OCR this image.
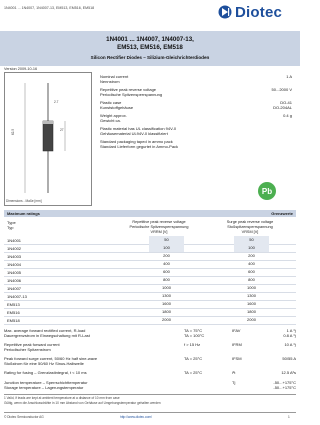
1N4001 ... 1N4007, 1N4007-13, EM513, EM516, EM518	Diotec
1N4001 ... 1N4007, 1N4007-13,
EM513, EM516, EM518
Silicon Rectifier Diodes – Silizium-Gleichrichterdioden
Version 2009-10-16
62.5	27
2.7
Dimensions - Maße [mm]
Nominal current	1 A
Nennstrom
Repetitive peak reverse voltage	50...2000 V
Periodische Spitzensperrspannung
Plastic case	DO-41
Kunststoffgehäuse	DO-204AL
Weight approx.	0.4 g
Gewicht ca.
Plastic material has UL classification 94V-0
Gehäusematerial UL94V-0 klassifiziert
Standard packaging taped in ammo pack
Standard Lieferform gegurtet in Ammo-Pack
Pb
Maximum ratings	Grenzwerte
Type
Typ
Repetitive peak reverse voltage
Periodische Spitzensperrspannung
VRRM [V]
Surge peak reverse voltage
Stoßspitzensperrspannung
VRSM [V]
1N4001	50	50
1N4002	100	100
1N4003	200	200
1N4004	400	400
1N4005	600	600
1N4006	800	800
1N4007	1000	1000
1N4007-13	1300	1300
EM513	1600	1600
EM516	1800	1800
EM518	2000	2000
Max. average forward rectified current, R-load
Dauergrenzstrom in Einwegschaltung mit R-Last
TA = 75°C
TA = 100°C
IFAV	1 A ¹)
0.8 A ¹)
Repetitive peak forward current
Periodischer Spitzenstrom
f > 15 Hz	IFRM	10 A ¹)
Peak forward surge current, 50/60 Hz half sine-wave
Stoßstrom für eine 50/60 Hz Sinus-Halbwelle
TA = 25°C	IFSM	50/55 A
Rating for fusing – Grenzlastintegral, t < 10 ms	TA = 25°C	i²t	12.5 A²s
Junction temperature – Sperrschichttemperatur
Storage temperature – Lagerungstemperatur
Tj	-50...+175°C
-50...+175°C
1 Valid, if leads are kept at ambient temperature at a distance of 10 mm from case
Gültig, wenn die Anschlussdrähte in 10 mm Abstand von Gehäuse auf Umgebungstemperatur gehalten werden
© Diotec Semiconductor AG	http://www.diotec.com/	1
